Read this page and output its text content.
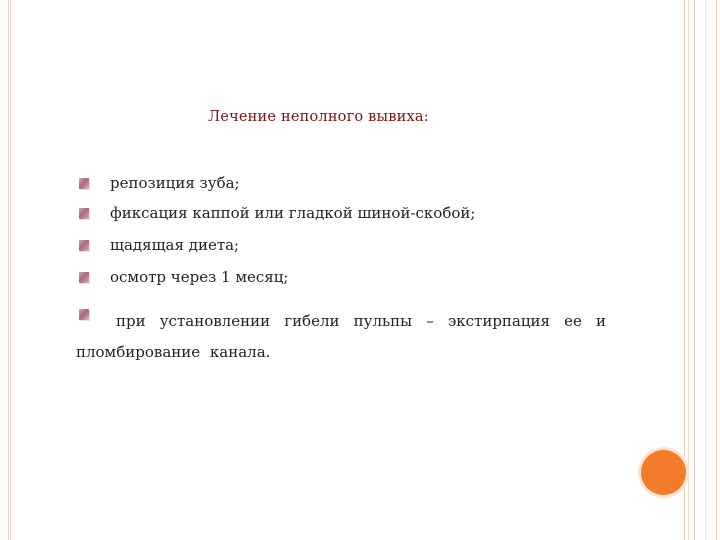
Лечение неполного вывиха:
репозиция зуба;
фиксация каппой или гладкой шиной-скобой;
щадящая диета;
осмотр через 1 месяц;
при установлении гибели пульпы – экстирпация ее и пломбирование канала.
